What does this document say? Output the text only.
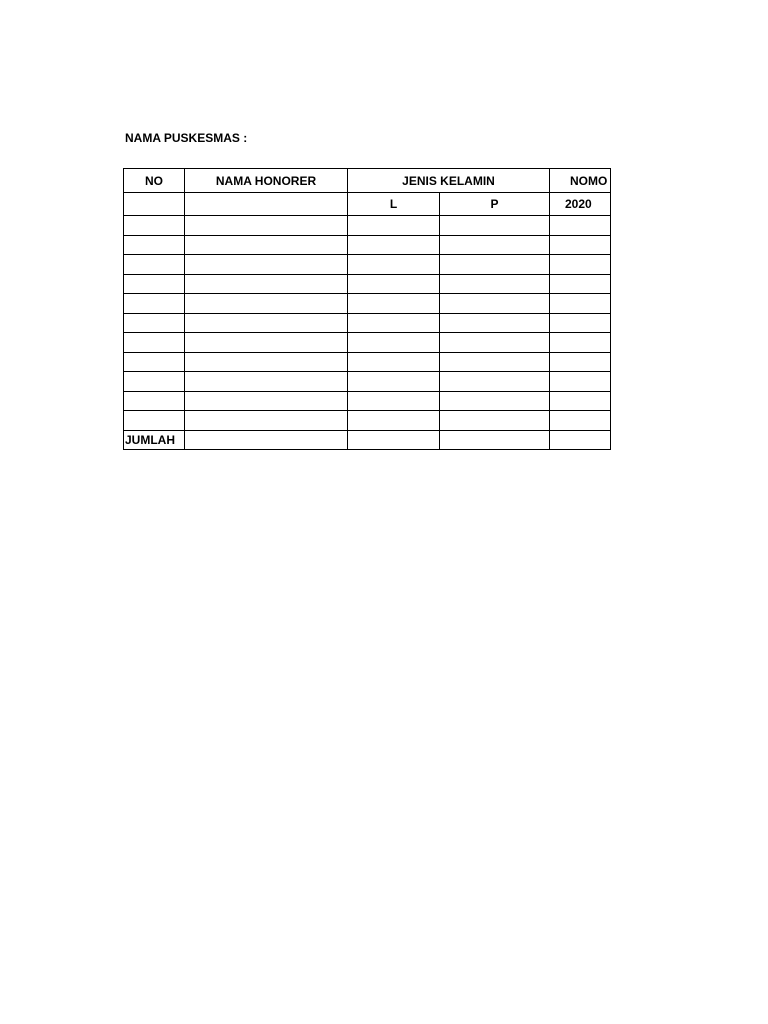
NAMA PUSKESMAS :
NO	NAMA HONORER	JENIS KELAMIN		NOMO
		L	P	2020

JUMLAH				
